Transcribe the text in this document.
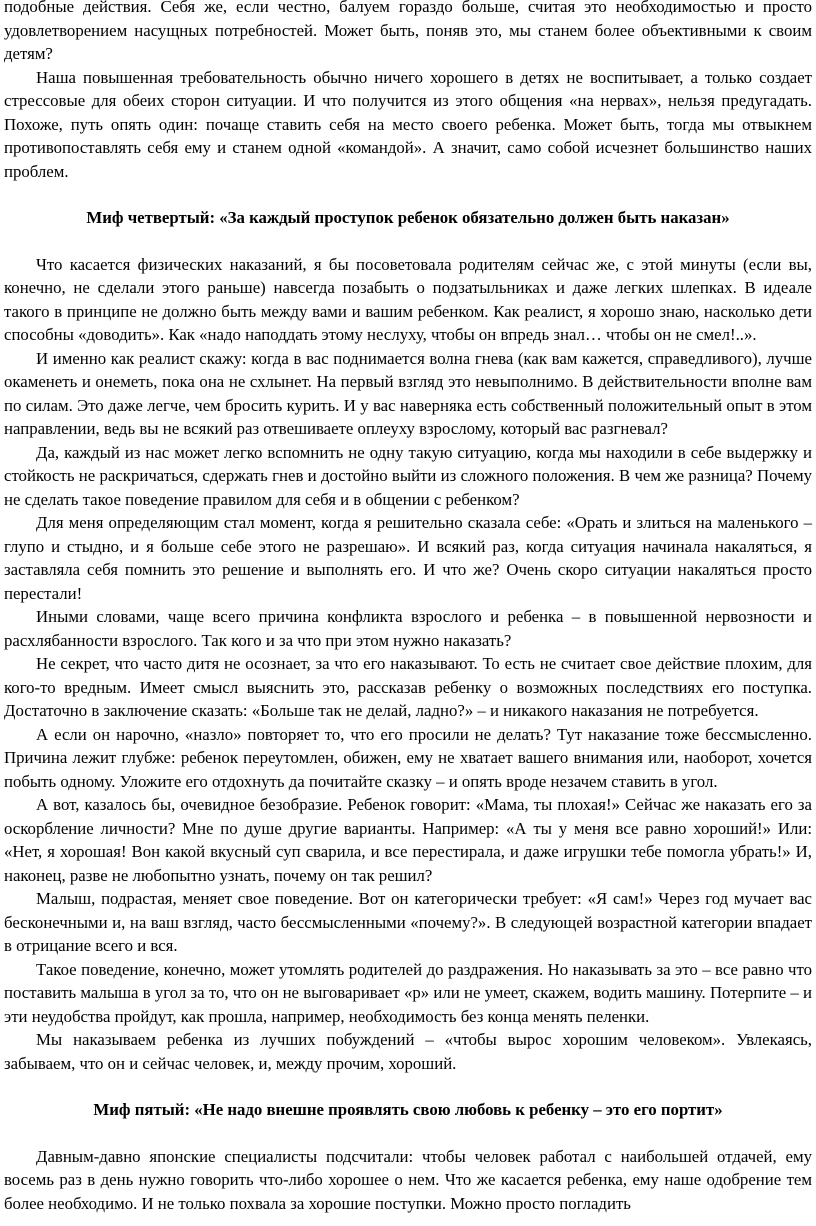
подобные действия. Себя же, если честно, балуем гораздо больше, считая это необходимостью и просто удовлетворением насущных потребностей. Может быть, поняв это, мы станем более объективными к своим детям?

Наша повышенная требовательность обычно ничего хорошего в детях не воспитывает, а только создает стрессовые для обеих сторон ситуации. И что получится из этого общения «на нервах», нельзя предугадать. Похоже, путь опять один: почаще ставить себя на место своего ребенка. Может быть, тогда мы отвыкнем противопоставлять себя ему и станем одной «командой». А значит, само собой исчезнет большинство наших проблем.

Миф четвертый: «За каждый проступок ребенок обязательно должен быть наказан»

Что касается физических наказаний, я бы посоветовала родителям сейчас же, с этой минуты (если вы, конечно, не сделали этого раньше) навсегда позабыть о подзатыльниках и даже легких шлепках. В идеале такого в принципе не должно быть между вами и вашим ребенком. Как реалист, я хорошо знаю, насколько дети способны «доводить». Как «надо наподдать этому неслуху, чтобы он впредь знал… чтобы он не смел!..».

И именно как реалист скажу: когда в вас поднимается волна гнева (как вам кажется, справедливого), лучше окаменеть и онеметь, пока она не схлынет. На первый взгляд это невыполнимо. В действительности вполне вам по силам. Это даже легче, чем бросить курить. И у вас наверняка есть собственный положительный опыт в этом направлении, ведь вы не всякий раз отвешиваете оплеуху взрослому, который вас разгневал?

Да, каждый из нас может легко вспомнить не одну такую ситуацию, когда мы находили в себе выдержку и стойкость не раскричаться, сдержать гнев и достойно выйти из сложного положения. В чем же разница? Почему не сделать такое поведение правилом для себя и в общении с ребенком?

Для меня определяющим стал момент, когда я решительно сказала себе: «Орать и злиться на маленького – глупо и стыдно, и я больше себе этого не разрешаю». И всякий раз, когда ситуация начинала накаляться, я заставляла себя помнить это решение и выполнять его. И что же? Очень скоро ситуации накаляться просто перестали!

Иными словами, чаще всего причина конфликта взрослого и ребенка – в повышенной нервозности и расхлябанности взрослого. Так кого и за что при этом нужно наказать?

Не секрет, что часто дитя не осознает, за что его наказывают. То есть не считает свое действие плохим, для кого-то вредным. Имеет смысл выяснить это, рассказав ребенку о возможных последствиях его поступка. Достаточно в заключение сказать: «Больше так не делай, ладно?» – и никакого наказания не потребуется.

А если он нарочно, «назло» повторяет то, что его просили не делать? Тут наказание тоже бессмысленно. Причина лежит глубже: ребенок переутомлен, обижен, ему не хватает вашего внимания или, наоборот, хочется побыть одному. Уложите его отдохнуть да почитайте сказку – и опять вроде незачем ставить в угол.

А вот, казалось бы, очевидное безобразие. Ребенок говорит: «Мама, ты плохая!» Сейчас же наказать его за оскорбление личности? Мне по душе другие варианты. Например: «А ты у меня все равно хороший!» Или: «Нет, я хорошая! Вон какой вкусный суп сварила, и все перестирала, и даже игрушки тебе помогла убрать!» И, наконец, разве не любопытно узнать, почему он так решил?

Малыш, подрастая, меняет свое поведение. Вот он категорически требует: «Я сам!» Через год мучает вас бесконечными и, на ваш взгляд, часто бессмысленными «почему?». В следующей возрастной категории впадает в отрицание всего и вся.

Такое поведение, конечно, может утомлять родителей до раздражения. Но наказывать за это – все равно что поставить малыша в угол за то, что он не выговаривает «р» или не умеет, скажем, водить машину. Потерпите – и эти неудобства пройдут, как прошла, например, необходимость без конца менять пеленки.

Мы наказываем ребенка из лучших побуждений – «чтобы вырос хорошим человеком». Увлекаясь, забываем, что он и сейчас человек, и, между прочим, хороший.

Миф пятый: «Не надо внешне проявлять свою любовь к ребенку – это его портит»

Давным-давно японские специалисты подсчитали: чтобы человек работал с наибольшей отдачей, ему восемь раз в день нужно говорить что-либо хорошее о нем. Что же касается ребенка, ему наше одобрение тем более необходимо. И не только похвала за хорошие поступки. Можно просто погладить
